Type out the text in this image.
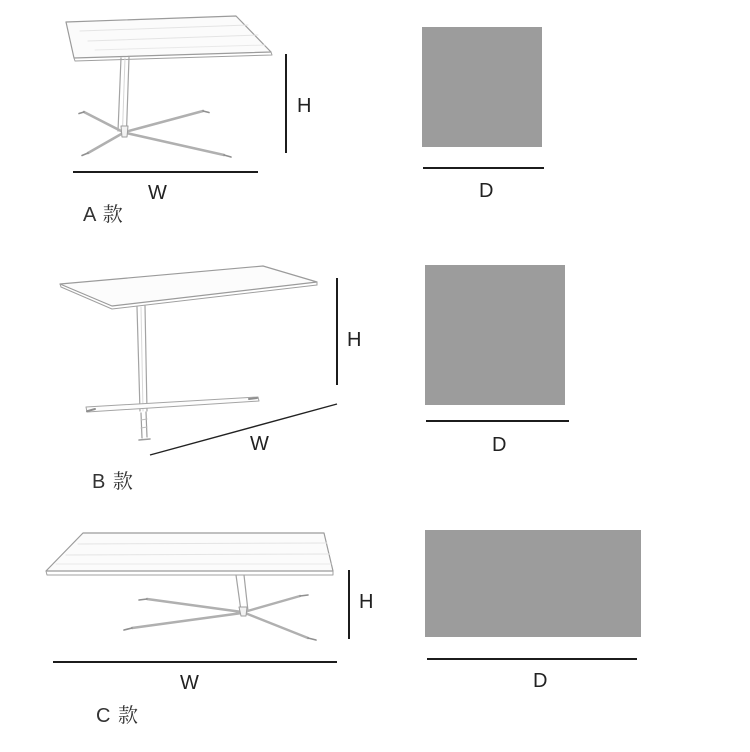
H
W
A 款
D
H
W
B 款
D
H
W
C 款
D
